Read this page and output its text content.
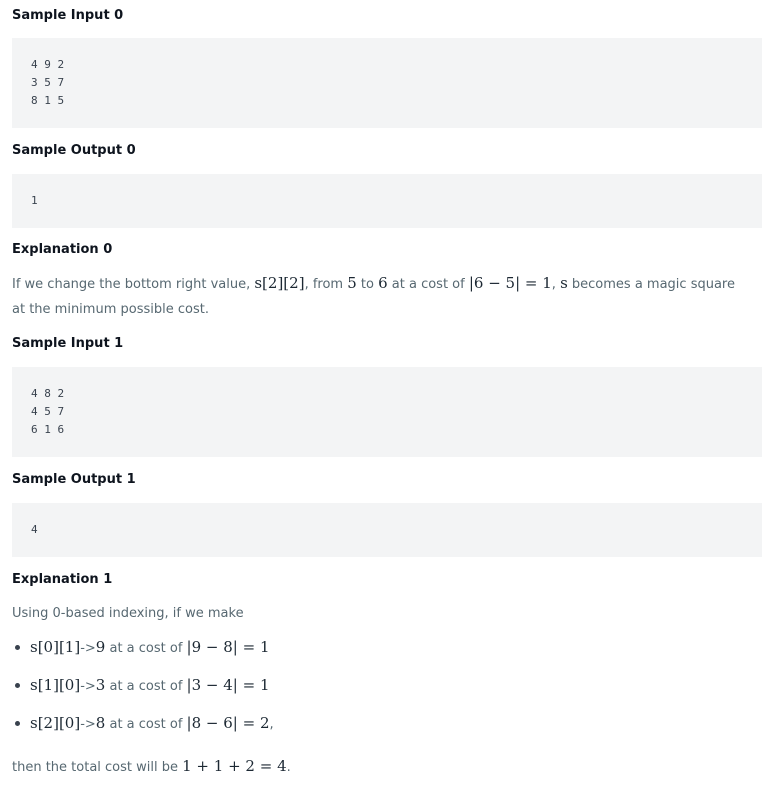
Sample Input 0
4 9 2
3 5 7
8 1 5
Sample Output 0
1
Explanation 0
If we change the bottom right value, s[2][2], from 5 to 6 at a cost of |6 − 5| = 1, s becomes a magic square at the minimum possible cost.
Sample Input 1
4 8 2
4 5 7
6 1 6
Sample Output 1
4
Explanation 1
Using 0-based indexing, if we make
s[0][1]->9 at a cost of |9 − 8| = 1
s[1][0]->3 at a cost of |3 − 4| = 1
s[2][0]->8 at a cost of |8 − 6| = 2,
then the total cost will be 1 + 1 + 2 = 4.
